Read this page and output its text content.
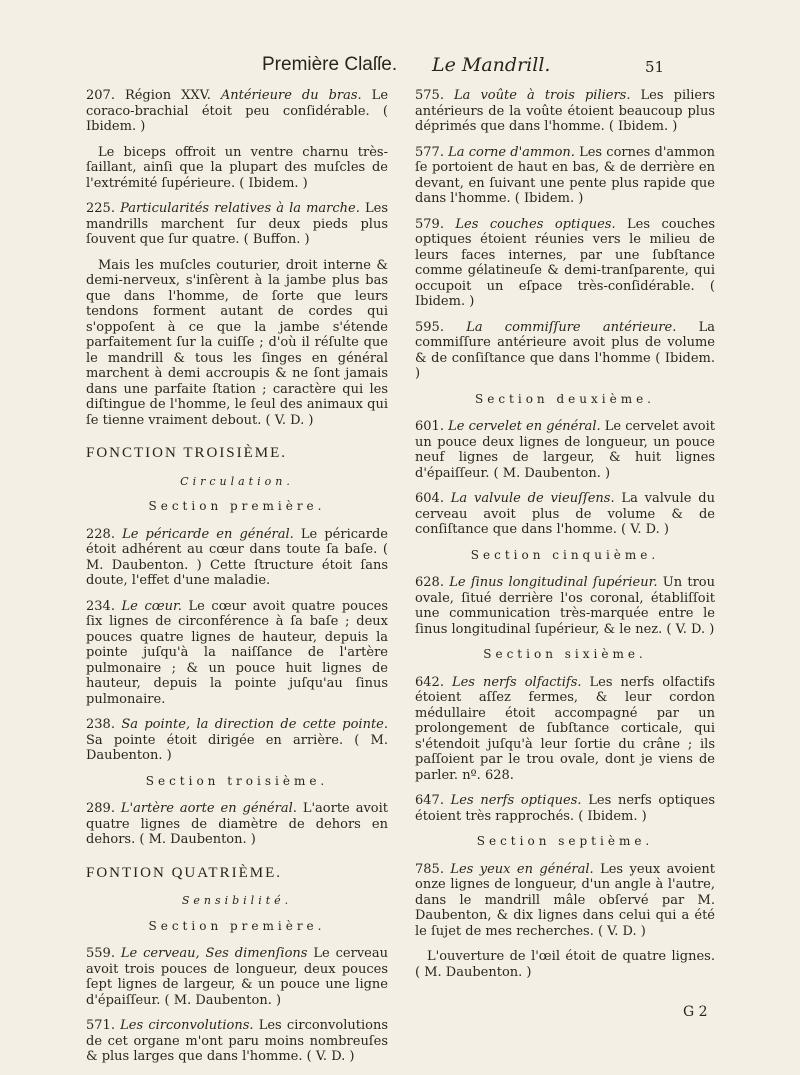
Première Claſſe. Le Mandrill.	51

207. Région XXV. Antérieure du bras. Le coraco-brachial étoit peu conſidérable. ( Ibidem. )

Le biceps offroit un ventre charnu très-ſaillant, ainſi que la plupart des muſcles de l'extrémité ſupérieure. ( Ibidem. )

225. Particularités relatives à la marche. Les mandrills marchent ſur deux pieds plus ſouvent que ſur quatre. ( Buffon. )

Mais les muſcles couturier, droit interne & demi-nerveux, s'inſèrent à la jambe plus bas que dans l'homme, de ſorte que leurs tendons forment autant de cordes qui s'oppoſent à ce que la jambe s'étende parfaitement ſur la cuiſſe ; d'où il réſulte que le mandrill & tous les ſinges en général marchent à demi accroupis & ne ſont jamais dans une parfaite ſtation ; caractère qui les diſtingue de l'homme, le ſeul des animaux qui ſe tienne vraiment debout. ( V. D. )

FONCTION TROISIÈME.
Circulation.
Section première.

228. Le péricarde en général. Le péricarde étoit adhérent au cœur dans toute ſa baſe. ( M. Daubenton. ) Cette ſtructure étoit ſans doute, l'effet d'une maladie.

234. Le cœur. Le cœur avoit quatre pouces ſix lignes de circonférence à ſa baſe ; deux pouces quatre lignes de hauteur, depuis la pointe juſqu'à la naiſſance de l'artère pulmonaire ; & un pouce huit lignes de hauteur, depuis la pointe juſqu'au ſinus pulmonaire.

238. Sa pointe, la direction de cette pointe. Sa pointe étoit dirigée en arrière. ( M. Daubenton. )

Section troisième.

289. L'artère aorte en général. L'aorte avoit quatre lignes de diamètre de dehors en dehors. ( M. Daubenton. )

FONTION QUATRIÈME.
Sensibilité.
Section première.

559. Le cerveau, Ses dimenſions Le cerveau avoit trois pouces de longueur, deux pouces ſept lignes de largeur, & un pouce une ligne d'épaiſſeur. ( M. Daubenton. )

571. Les circonvolutions. Les circonvolutions de cet organe m'ont paru moins nombreuſes & plus larges que dans l'homme. ( V. D. )

575. La voûte à trois piliers. Les piliers antérieurs de la voûte étoient beaucoup plus déprimés que dans l'homme. ( Ibidem. )

577. La corne d'ammon. Les cornes d'ammon ſe portoient de haut en bas, & de derrière en devant, en ſuivant une pente plus rapide que dans l'homme. ( Ibidem. )

579. Les couches optiques. Les couches optiques étoient réunies vers le milieu de leurs faces internes, par une ſubſtance comme gélatineuſe & demi-tranſparente, qui occupoit un eſpace très-conſidérable. ( Ibidem. )

595. La commiſſure antérieure. La commiſſure antérieure avoit plus de volume & de conſiſtance que dans l'homme ( Ibidem. )

Section deuxième.

601. Le cervelet en général. Le cervelet avoit un pouce deux lignes de longueur, un pouce neuf lignes de largeur, & huit lignes d'épaiſſeur. ( M. Daubenton. )

604. La valvule de vieuſſens. La valvule du cerveau avoit plus de volume & de conſiſtance que dans l'homme. ( V. D. )

Section cinquième.

628. Le ſinus longitudinal ſupérieur. Un trou ovale, ſitué derrière l'os coronal, établiſſoit une communication très-marquée entre le ſinus longitudinal ſupérieur, & le nez. ( V. D. )

Section sixième.

642. Les nerfs olfactifs. Les nerfs olfactifs étoient aſſez fermes, & leur cordon médullaire étoit accompagné par un prolongement de ſubſtance corticale, qui s'étendoit juſqu'à leur ſortie du crâne ; ils paſſoient par le trou ovale, dont je viens de parler. nº. 628.

647. Les nerfs optiques. Les nerfs optiques étoient très rapprochés. ( Ibidem. )

Section septième.

785. Les yeux en général. Les yeux avoient onze lignes de longueur, d'un angle à l'autre, dans le mandrill mâle obſervé par M. Daubenton, & dix lignes dans celui qui a été le ſujet de mes recherches. ( V. D. )

L'ouverture de l'œil étoit de quatre lignes. ( M. Daubenton. )

G 2
